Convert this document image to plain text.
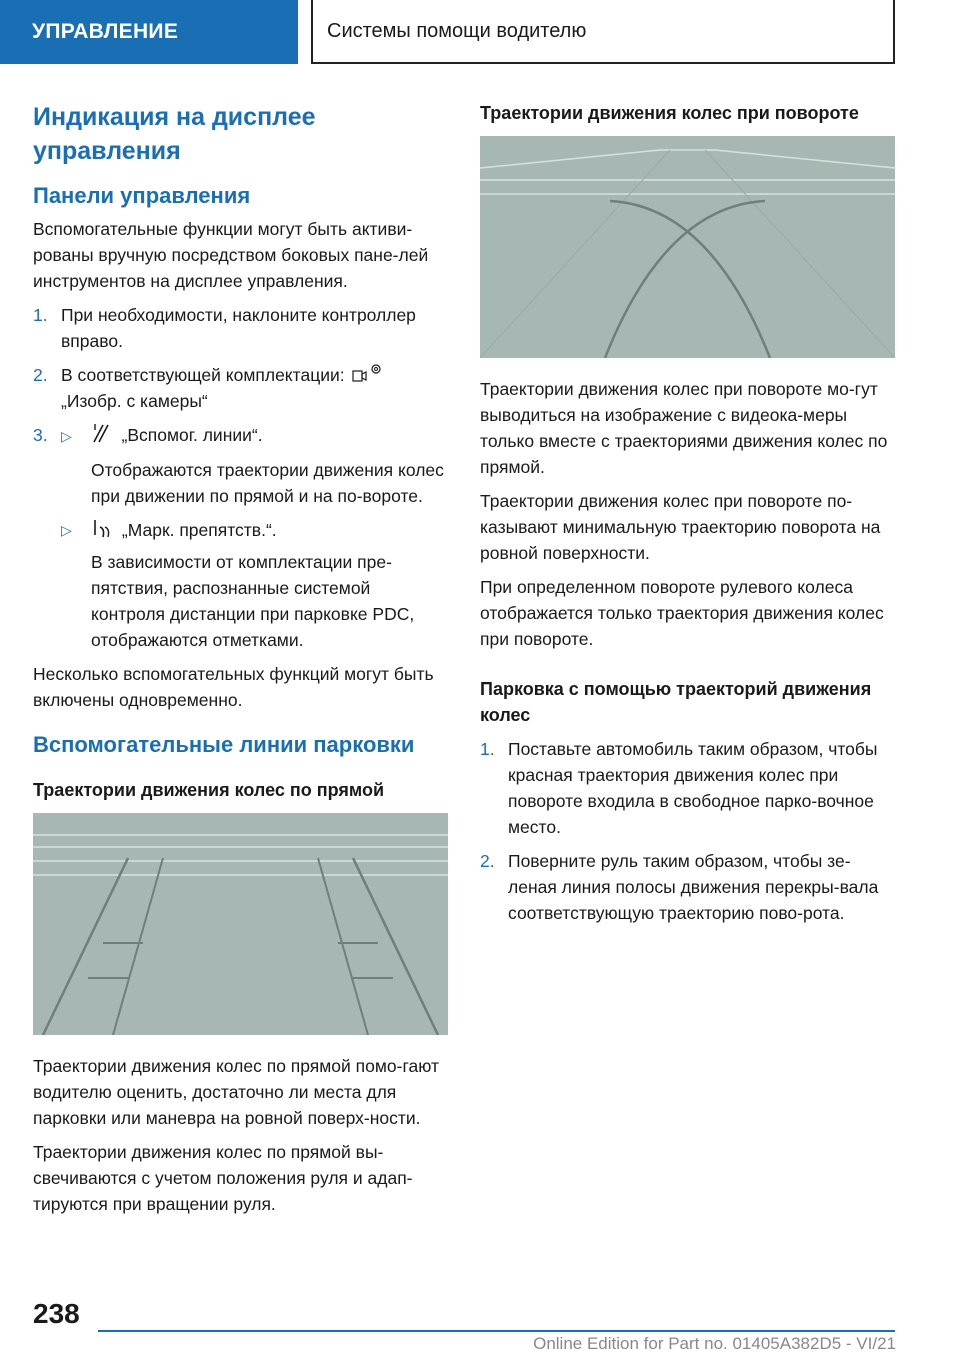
УПРАВЛЕНИЕ	Системы помощи водителю
Индикация на дисплее управления
Панели управления
Вспомогательные функции могут быть активи-рованы вручную посредством боковых пане-лей инструментов на дисплее управления.
1. При необходимости, наклоните контроллер вправо.
2. В соответствующей комплектации:
„Изобр. с камеры“
3. ▷	„Вспомог. линии“.
Отображаются траектории движения колес при движении по прямой и на по-вороте.
▷	„Марк. препятств.“.
В зависимости от комплектации пре-пятствия, распознанные системой контроля дистанции при парковке PDC, отображаются отметками.
Несколько вспомогательных функций могут быть включены одновременно.
Вспомогательные линии парковки
Траектории движения колес по прямой
Траектории движения колес по прямой помо-гают водителю оценить, достаточно ли места для парковки или маневра на ровной поверх-ности.
Траектории движения колес по прямой вы-свечиваются с учетом положения руля и адап-тируются при вращении руля.
Траектории движения колес при повороте
Траектории движения колес при повороте мо-гут выводиться на изображение с видеока-меры только вместе с траекториями движения колес по прямой.
Траектории движения колес при повороте по-казывают минимальную траекторию поворота на ровной поверхности.
При определенном повороте рулевого колеса отображается только траектория движения колес при повороте.
Парковка с помощью траекторий движения колес
1. Поставьте автомобиль таким образом, чтобы красная траектория движения колес при повороте входила в свободное парко-вочное место.
2. Поверните руль таким образом, чтобы зе-леная линия полосы движения перекры-вала соответствующую траекторию пово-рота.
238
Online Edition for Part no. 01405A382D5 - VI/21
